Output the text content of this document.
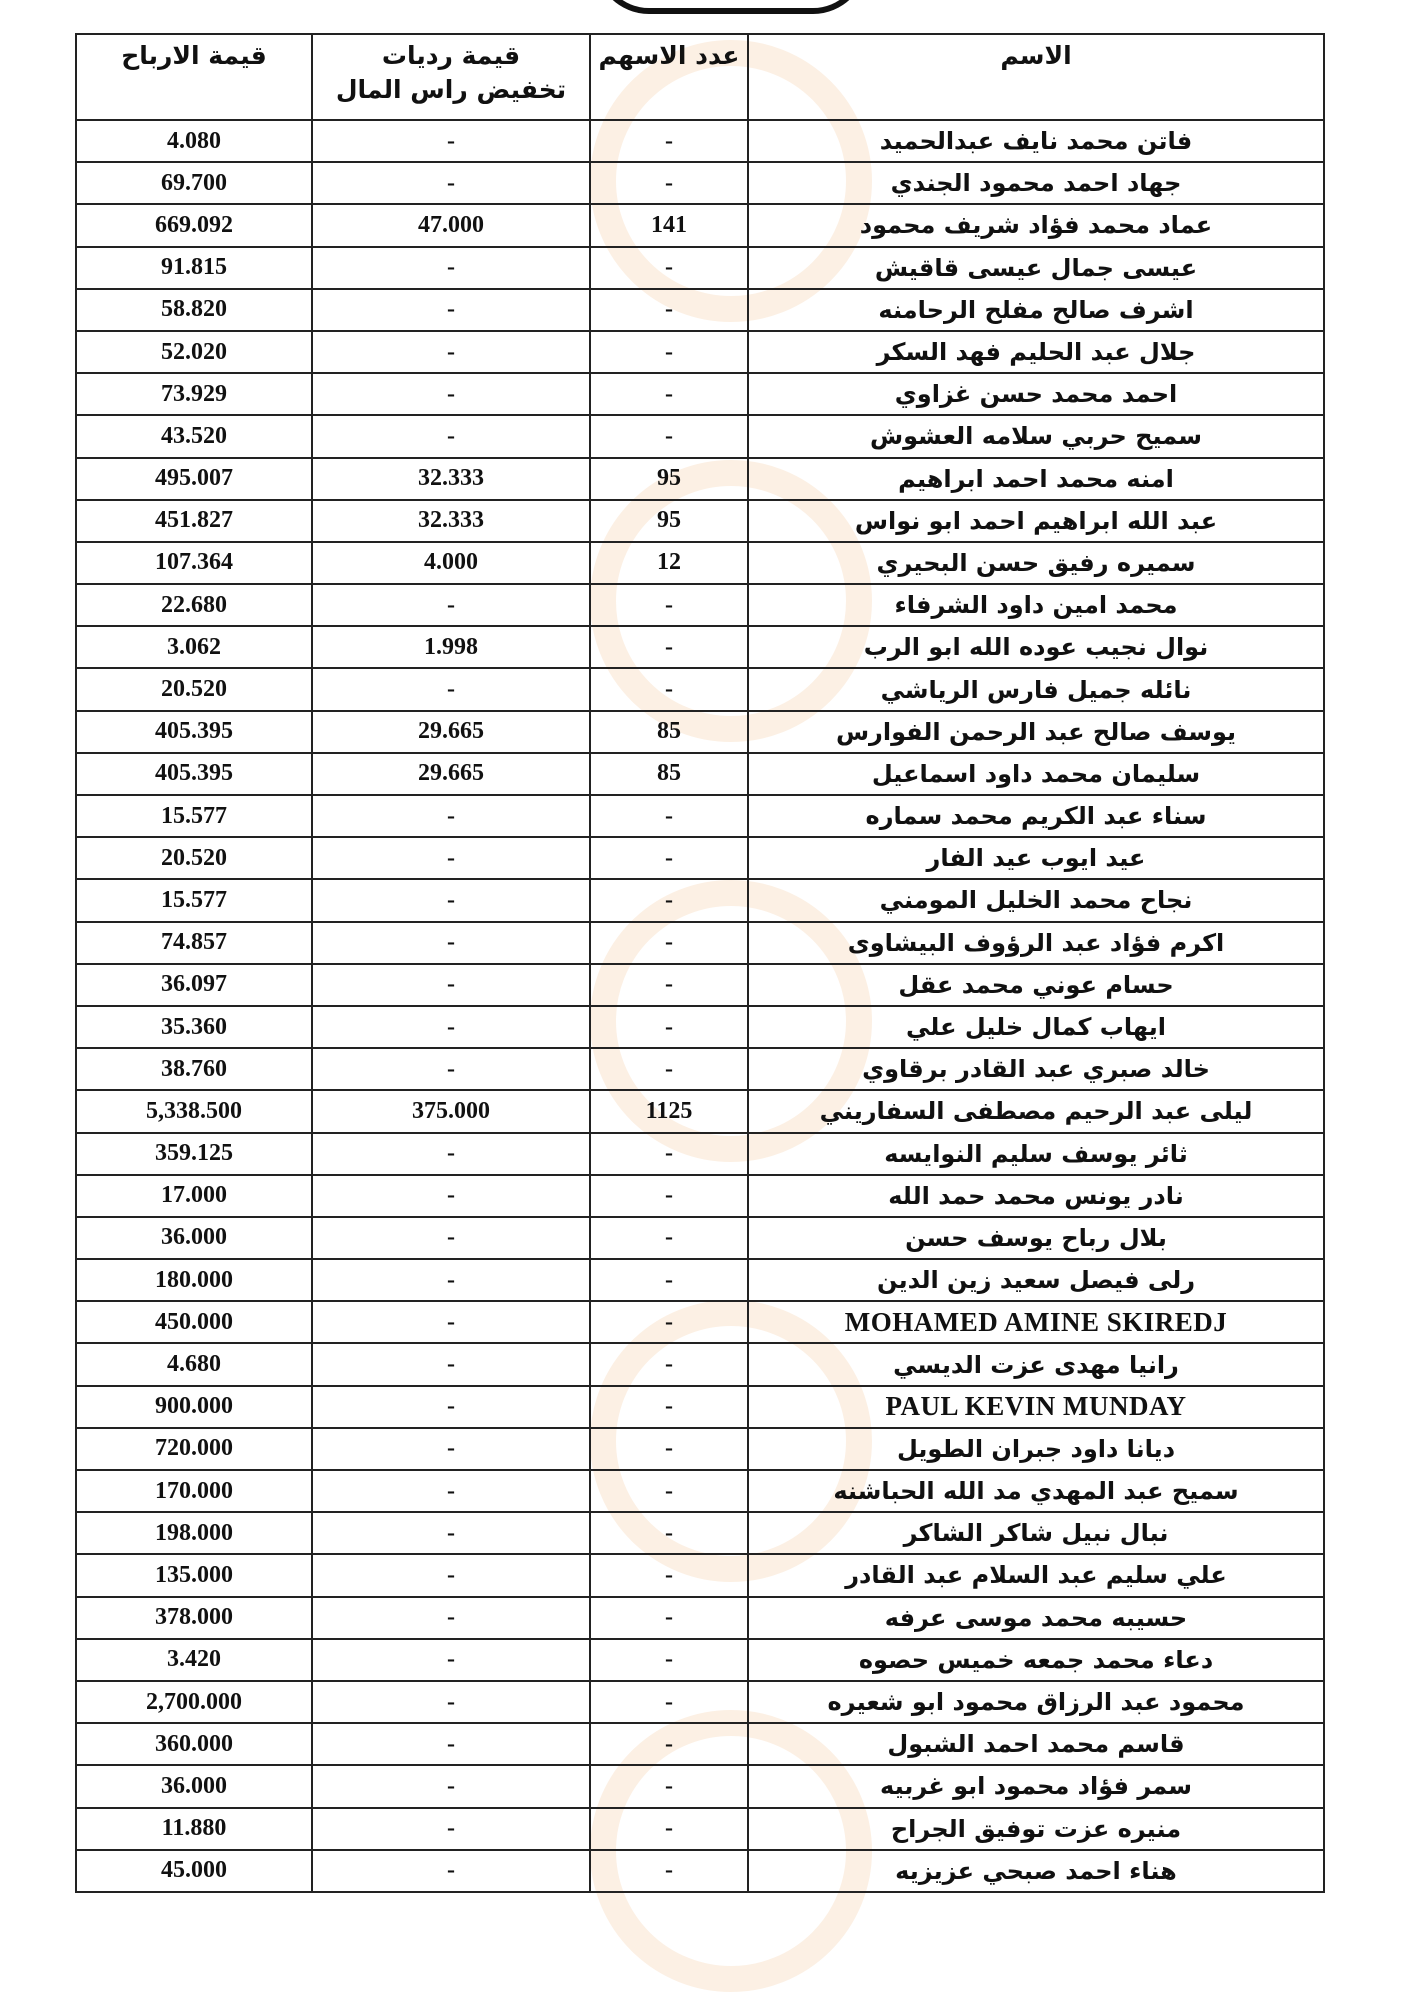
الاسم	عدد الاسهم	قيمة رديات تخفيض راس المال	قيمة الارباح
فاتن محمد نايف عبدالحميد	-	-	4.080
جهاد احمد محمود الجندي	-	-	69.700
عماد محمد فؤاد شريف محمود	141	47.000	669.092
عيسى جمال عيسى قاقيش	-	-	91.815
اشرف صالح مفلح الرحامنه	-	-	58.820
جلال عبد الحليم فهد السكر	-	-	52.020
احمد محمد حسن غزاوي	-	-	73.929
سميح حربي سلامه العشوش	-	-	43.520
امنه محمد احمد ابراهيم	95	32.333	495.007
عبد الله ابراهيم احمد ابو نواس	95	32.333	451.827
سميره رفيق حسن البحيري	12	4.000	107.364
محمد امين داود الشرفاء	-	-	22.680
نوال نجيب عوده الله ابو الرب	-	1.998	3.062
نائله جميل فارس الرياشي	-	-	20.520
يوسف صالح عبد الرحمن الفوارس	85	29.665	405.395
سليمان محمد داود اسماعيل	85	29.665	405.395
سناء عبد الكريم محمد سماره	-	-	15.577
عيد ايوب عيد الفار	-	-	20.520
نجاح محمد الخليل المومني	-	-	15.577
اكرم فؤاد عبد الرؤوف البيشاوى	-	-	74.857
حسام عوني محمد عقل	-	-	36.097
ايهاب كمال خليل علي	-	-	35.360
خالد صبري عبد القادر برقاوي	-	-	38.760
ليلى عبد الرحيم مصطفى السفاريني	1125	375.000	5,338.500
ثائر يوسف سليم النوايسه	-	-	359.125
نادر يونس محمد حمد الله	-	-	17.000
بلال رباح يوسف حسن	-	-	36.000
رلى فيصل سعيد زين الدين	-	-	180.000
MOHAMED AMINE SKIREDJ	-	-	450.000
رانيا مهدى عزت الديسي	-	-	4.680
PAUL KEVIN MUNDAY	-	-	900.000
ديانا داود جبران الطويل	-	-	720.000
سميح عبد المهدي مد الله الحباشنه	-	-	170.000
نبال نبيل شاكر الشاكر	-	-	198.000
علي سليم عبد السلام عبد القادر	-	-	135.000
حسيبه محمد موسى عرفه	-	-	378.000
دعاء محمد جمعه خميس حصوه	-	-	3.420
محمود عبد الرزاق محمود ابو شعيره	-	-	2,700.000
قاسم محمد احمد الشبول	-	-	360.000
سمر فؤاد محمود ابو غربيه	-	-	36.000
منيره عزت توفيق الجراح	-	-	11.880
هناء احمد صبحي عزيزيه	-	-	45.000
